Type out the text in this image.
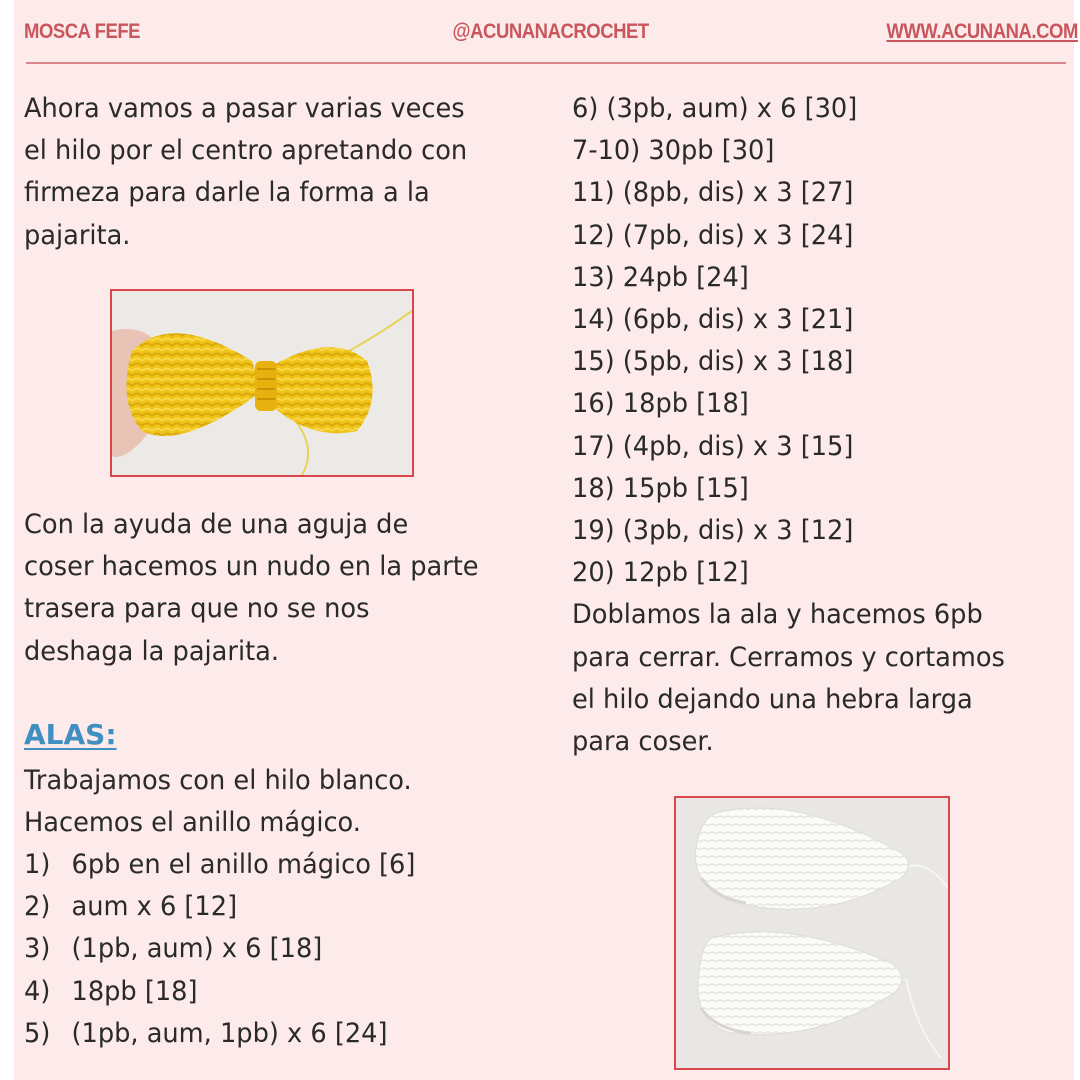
MOSCA FEFE	@ACUNANACROCHET	WWW.ACUNANA.COM
Ahora vamos a pasar varias veces
el hilo por el centro apretando con
firmeza para darle la forma a la
pajarita.
Con la ayuda de una aguja de
coser hacemos un nudo en la parte
trasera para que no se nos
deshaga la pajarita.
ALAS:
Trabajamos con el hilo blanco.
Hacemos el anillo mágico.
1) 6pb en el anillo mágico [6]
2) aum x 6 [12]
3) (1pb, aum) x 6 [18]
4) 18pb [18]
5) (1pb, aum, 1pb) x 6 [24]
6) (3pb, aum) x 6 [30]
7-10) 30pb [30]
11) (8pb, dis) x 3 [27]
12) (7pb, dis) x 3 [24]
13) 24pb [24]
14) (6pb, dis) x 3 [21]
15) (5pb, dis) x 3 [18]
16) 18pb [18]
17) (4pb, dis) x 3 [15]
18) 15pb [15]
19) (3pb, dis) x 3 [12]
20) 12pb [12]
Doblamos la ala y hacemos 6pb
para cerrar. Cerramos y cortamos
el hilo dejando una hebra larga
para coser.
